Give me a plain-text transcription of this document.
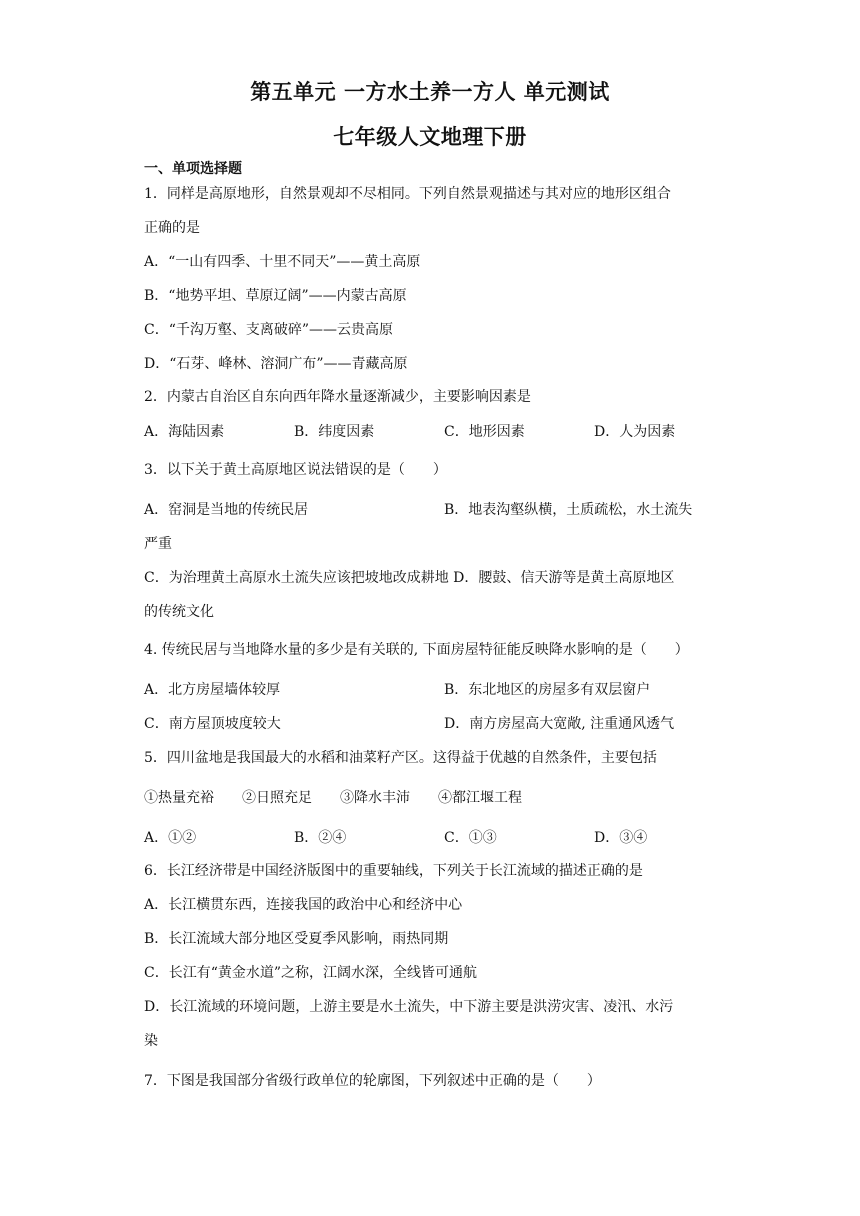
第五单元 一方水土养一方人 单元测试
七年级人文地理下册
一、单项选择题
1．同样是高原地形，自然景观却不尽相同。下列自然景观描述与其对应的地形区组合
正确的是
A．“一山有四季、十里不同天”——黄土高原
B．“地势平坦、草原辽阔”——内蒙古高原
C．“千沟万壑、支离破碎”——云贵高原
D．“石芽、峰林、溶洞广布”——青藏高原
2．内蒙古自治区自东向西年降水量逐渐减少，主要影响因素是
A．海陆因素	B．纬度因素	C．地形因素	D．人为因素
3．以下关于黄土高原地区说法错误的是（　　）
A．窑洞是当地的传统民居	B．地表沟壑纵横，土质疏松，水土流失
严重
C．为治理黄土高原水土流失应该把坡地改成耕地 D．腰鼓、信天游等是黄土高原地区
的传统文化
4. 传统民居与当地降水量的多少是有关联的, 下面房屋特征能反映降水影响的是（　　）
A．北方房屋墙体较厚	B．东北地区的房屋多有双层窗户
C．南方屋顶坡度较大	D．南方房屋高大宽敞, 注重通风透气
5．四川盆地是我国最大的水稻和油菜籽产区。这得益于优越的自然条件，主要包括
①热量充裕　　②日照充足　　③降水丰沛　　④都江堰工程
A．①②	B．②④	C．①③	D．③④
6．长江经济带是中国经济版图中的重要轴线，下列关于长江流域的描述正确的是
A．长江横贯东西，连接我国的政治中心和经济中心
B．长江流域大部分地区受夏季风影响，雨热同期
C．长江有“黄金水道”之称，江阔水深，全线皆可通航
D．长江流域的环境问题，上游主要是水土流失，中下游主要是洪涝灾害、凌汛、水污
染
7．下图是我国部分省级行政单位的轮廓图，下列叙述中正确的是（　　）
